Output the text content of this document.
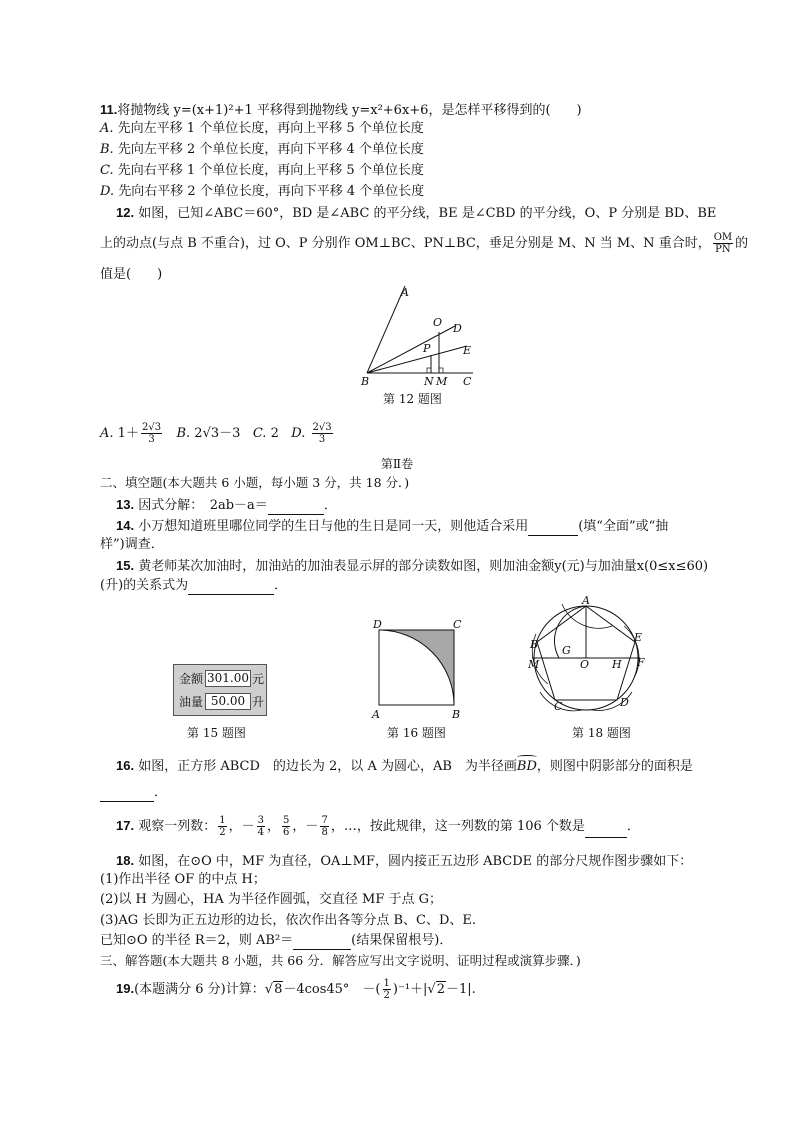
11.将抛物线 y=(x+1)²+1 平移得到抛物线 y=x²+6x+6，是怎样平移得到的(　　)
A. 先向左平移 1 个单位长度，再向上平移 5 个单位长度
B. 先向左平移 2 个单位长度，再向下平移 4 个单位长度
C. 先向右平移 1 个单位长度，再向上平移 5 个单位长度
D. 先向右平移 2 个单位长度，再向下平移 4 个单位长度
12. 如图，已知∠ABC＝60°，BD 是∠ABC 的平分线，BE 是∠CBD 的平分线，O、P 分别是 BD、BE
上的动点(与点 B 不重合)，过 O、P 分别作 OM⊥BC、PN⊥BC，垂足分别是 M、N 当 M、N 重合时， $\frac{OM}{PN}$ 的
值是(　　)
A
O D
P	E
B	N M C
第 12 题图
A. $1+ \frac{2√3}{3} B$. 2√3－3 C. 2 D. $\frac{2√3}{3}$
第Ⅱ卷
二、填空题(本大题共 6 小题，每小题 3 分，共 18 分．)
13. 因式分解：　2ab－a＝	．
14. 小万想知道班里哪位同学的生日与他的生日是同一天，则他适合采用	(填“全面”或“抽
样”)调查．
15. 黄老师某次加油时，加油站的加油表显示屏的部分读数如图，则加油金额y(元)与加油量x(0≤x≤60)
(升)的关系式为	．
金额 301.00 元
油量 50.00 升
第 15 题图
D	C
A	B
第 16 题图
A
E
F
B
M
G
O H
C	D
第 18 题图
16. 如图，正方形 ABCD　的边长为 2，以 A 为圆心，AB　为半径画
BD，则图中阴影部分的面积是
．
17. 观察一列数： $\frac{1}{2}$ ，－ $\frac{3}{4}$ ， $\frac{5}{6}$ ，－ $\frac{7}{8}$ ，…，按此规律，这一列数的第 106 个数是	．
18. 如图，在⊙O 中，MF 为直径，OA⊥MF，圆内接正五边形 ABCDE 的部分尺规作图步骤如下：
(1)作出半径 OF 的中点 H；
(2)以 H 为圆心，HA 为半径作圆弧，交直径 MF 于点 G；
(3)AG 长即为正五边形的边长，依次作出各等分点 B、C、D、E.
已知⊙O 的半径 R＝2，则 AB²＝	(结果保留根号)．
三、解答题(本大题共 8 小题，共 66 分．解答应写出文字说明、证明过程或演算步骤．)
19.(本题满分 6 分)计算：√8－4cos45°　－( $\frac{1}{2} )^{-1}+|√2-1|$.
